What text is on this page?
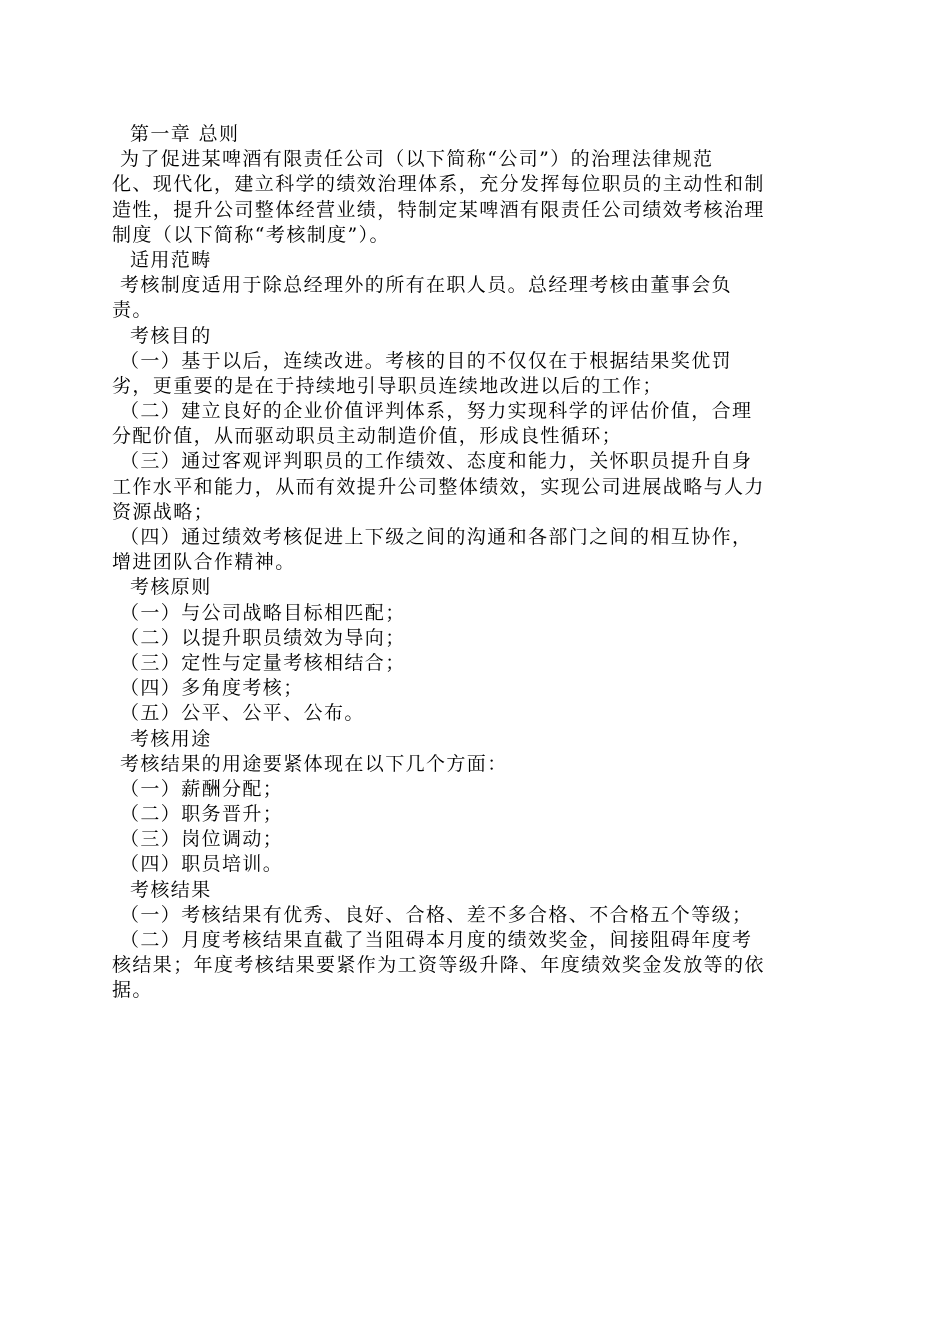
第一章 总则
为了促进某啤酒有限责任公司（以下简称“公司”）的治理法律规范
化、现代化，建立科学的绩效治理体系，充分发挥每位职员的主动性和制
造性，提升公司整体经营业绩，特制定某啤酒有限责任公司绩效考核治理
制度（以下简称“考核制度”）。
适用范畴
考核制度适用于除总经理外的所有在职人员。总经理考核由董事会负
责。
考核目的
（一）基于以后，连续改进。考核的目的不仅仅在于根据结果奖优罚
劣，更重要的是在于持续地引导职员连续地改进以后的工作；
（二）建立良好的企业价值评判体系，努力实现科学的评估价值，合理
分配价值，从而驱动职员主动制造价值，形成良性循环；
（三）通过客观评判职员的工作绩效、态度和能力，关怀职员提升自身
工作水平和能力，从而有效提升公司整体绩效，实现公司进展战略与人力
资源战略；
（四）通过绩效考核促进上下级之间的沟通和各部门之间的相互协作，
增进团队合作精神。
考核原则
（一）与公司战略目标相匹配；
（二）以提升职员绩效为导向；
（三）定性与定量考核相结合；
（四）多角度考核；
（五）公平、公平、公布。
考核用途
考核结果的用途要紧体现在以下几个方面：
（一）薪酬分配；
（二）职务晋升；
（三）岗位调动；
（四）职员培训。
考核结果
（一）考核结果有优秀、良好、合格、差不多合格、不合格五个等级；
（二）月度考核结果直截了当阻碍本月度的绩效奖金，间接阻碍年度考
核结果；年度考核结果要紧作为工资等级升降、年度绩效奖金发放等的依
据。
